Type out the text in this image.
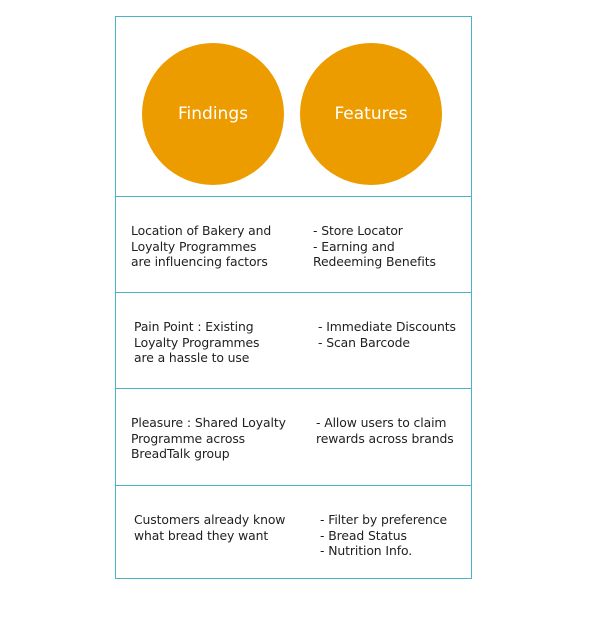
Findings	Features
Location of Bakery and
Loyalty Programmes
are influencing factors
- Store Locator
- Earning and
Redeeming Benefits
Pain Point : Existing
Loyalty Programmes
are a hassle to use
- Immediate Discounts
- Scan Barcode
Pleasure : Shared Loyalty
Programme across
BreadTalk group
- Allow users to claim
rewards across brands
Customers already know
what bread they want
- Filter by preference
- Bread Status
- Nutrition Info.
